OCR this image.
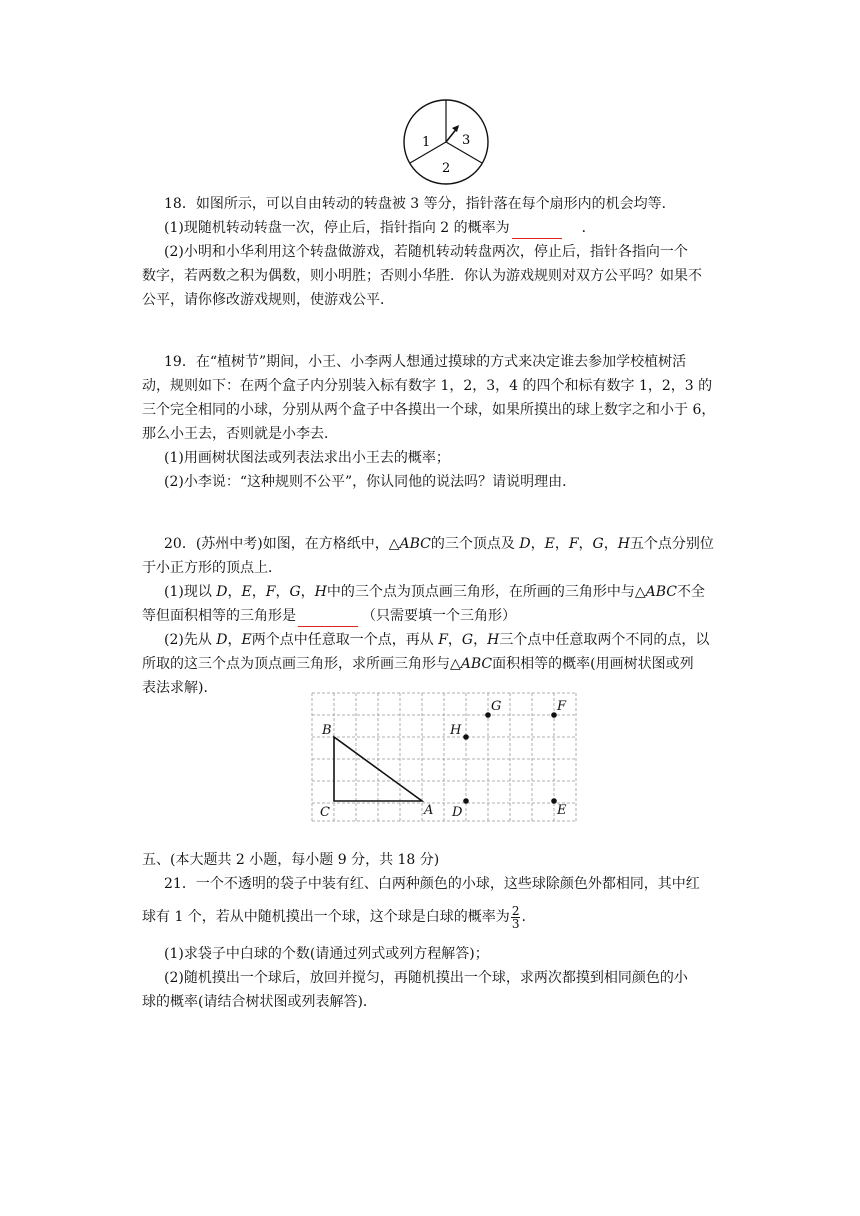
1 3
2
18．如图所示，可以自由转动的转盘被 3 等分，指针落在每个扇形内的机会均等．
(1)现随机转动转盘一次，停止后，指针指向 2 的概率为	．
(2)小明和小华利用这个转盘做游戏，若随机转动转盘两次，停止后，指针各指向一个
数字，若两数之积为偶数，则小明胜；否则小华胜．你认为游戏规则对双方公平吗？如果不
公平，请你修改游戏规则，使游戏公平．
19．在“植树节”期间，小王、小李两人想通过摸球的方式来决定谁去参加学校植树活
动，规则如下：在两个盒子内分别装入标有数字 1，2，3，4 的四个和标有数字 1，2，3 的
三个完全相同的小球，分别从两个盒子中各摸出一个球，如果所摸出的球上数字之和小于 6，
那么小王去，否则就是小李去．
(1)用画树状图法或列表法求出小王去的概率；
(2)小李说：“这种规则不公平”，你认同他的说法吗？请说明理由．
20．(苏州中考)如图，在方格纸中，△ABC的三个顶点及 D，E，F，G，H五个点分别位
于小正方形的顶点上．
(1)现以 D，E，F，G，H中的三个点为顶点画三角形，在所画的三角形中与△ABC不全
等但面积相等的三角形是	（只需要填一个三角形）
(2)先从 D，E两个点中任意取一个点，再从 F，G，H三个点中任意取两个不同的点，以
所取的这三个点为顶点画三角形，求所画三角形与△ABC面积相等的概率(用画树状图或列
表法求解)．
B
C	A
H
G	F
D	E
五、(本大题共 2 小题，每小题 9 分，共 18 分)
21．一个不透明的袋子中装有红、白两种颜色的小球，这些球除颜色外都相同，其中红
球有 1 个，若从中随机摸出一个球，这个球是白球的概率为 $\frac{2}{3}$ .
(1)求袋子中白球的个数(请通过列式或列方程解答)；
(2)随机摸出一个球后，放回并搅匀，再随机摸出一个球，求两次都摸到相同颜色的小
球的概率(请结合树状图或列表解答)．
